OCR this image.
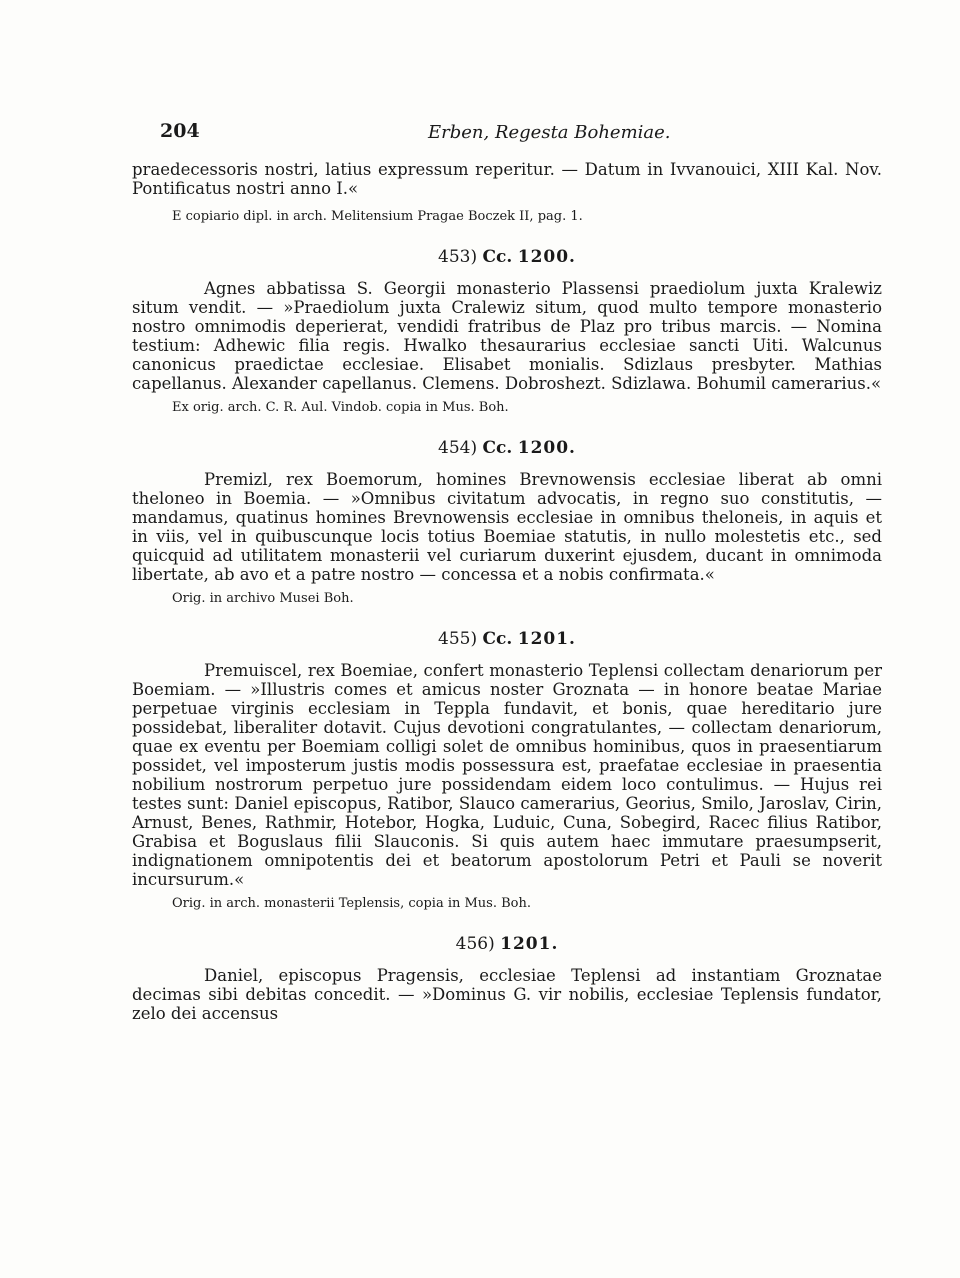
204	Erben, Regesta Bohemiae.

praedecessoris nostri, latius expressum reperitur. — Datum in Ivvanouici, XIII Kal. Nov. Pontificatus nostri anno I.«

E copiario dipl. in arch. Melitensium Pragae Boczek II, pag. 1.
453) Cc. 1200.

Agnes abbatissa S. Georgii monasterio Plassensi praediolum juxta Kralewiz situm vendit. — »Praediolum juxta Cralewiz situm, quod multo tempore monasterio nostro omnimodis deperierat, vendidi fratribus de Plaz pro tribus marcis. — Nomina testium: Adhewic filia regis. Hwalko thesaurarius ecclesiae sancti Uiti. Walcunus canonicus praedictae ecclesiae. Elisabet monialis. Sdizlaus presbyter. Mathias capellanus. Alexander capellanus. Clemens. Dobroshezt. Sdizlawa. Bohumil camerarius.«

Ex orig. arch. C. R. Aul. Vindob. copia in Mus. Boh.
454) Cc. 1200.

Premizl, rex Boemorum, homines Brevnowensis ecclesiae liberat ab omni theloneo in Boemia. — »Omnibus civitatum advocatis, in regno suo constitutis, — mandamus, quatinus homines Brevnowensis ecclesiae in omnibus theloneis, in aquis et in viis, vel in quibuscunque locis totius Boemiae statutis, in nullo molestetis etc., sed quicquid ad utilitatem monasterii vel curiarum duxerint ejusdem, ducant in omnimoda libertate, ab avo et a patre nostro — concessa et a nobis confirmata.«

Orig. in archivo Musei Boh.
455) Cc. 1201.

Premuiscel, rex Boemiae, confert monasterio Teplensi collectam denariorum per Boemiam. — »Illustris comes et amicus noster Groznata — in honore beatae Mariae perpetuae virginis ecclesiam in Teppla fundavit, et bonis, quae hereditario jure possidebat, liberaliter dotavit. Cujus devotioni congratulantes, — collectam denariorum, quae ex eventu per Boemiam colligi solet de omnibus hominibus, quos in praesentiarum possidet, vel imposterum justis modis possessura est, praefatae ecclesiae in praesentia nobilium nostrorum perpetuo jure possidendam eidem loco contulimus. — Hujus rei testes sunt: Daniel episcopus, Ratibor, Slauco camerarius, Georius, Smilo, Jaroslav, Cirin, Arnust, Benes, Rathmir, Hotebor, Hogka, Luduic, Cuna, Sobegird, Racec filius Ratibor, Grabisa et Boguslaus filii Slauconis. Si quis autem haec immutare praesumpserit, indignationem omnipotentis dei et beatorum apostolorum Petri et Pauli se noverit incursurum.«

Orig. in arch. monasterii Teplensis, copia in Mus. Boh.
456) 1201.

Daniel, episcopus Pragensis, ecclesiae Teplensi ad instantiam Groznatae decimas sibi debitas concedit. — »Dominus G. vir nobilis, ecclesiae Teplensis fundator, zelo dei accensus
